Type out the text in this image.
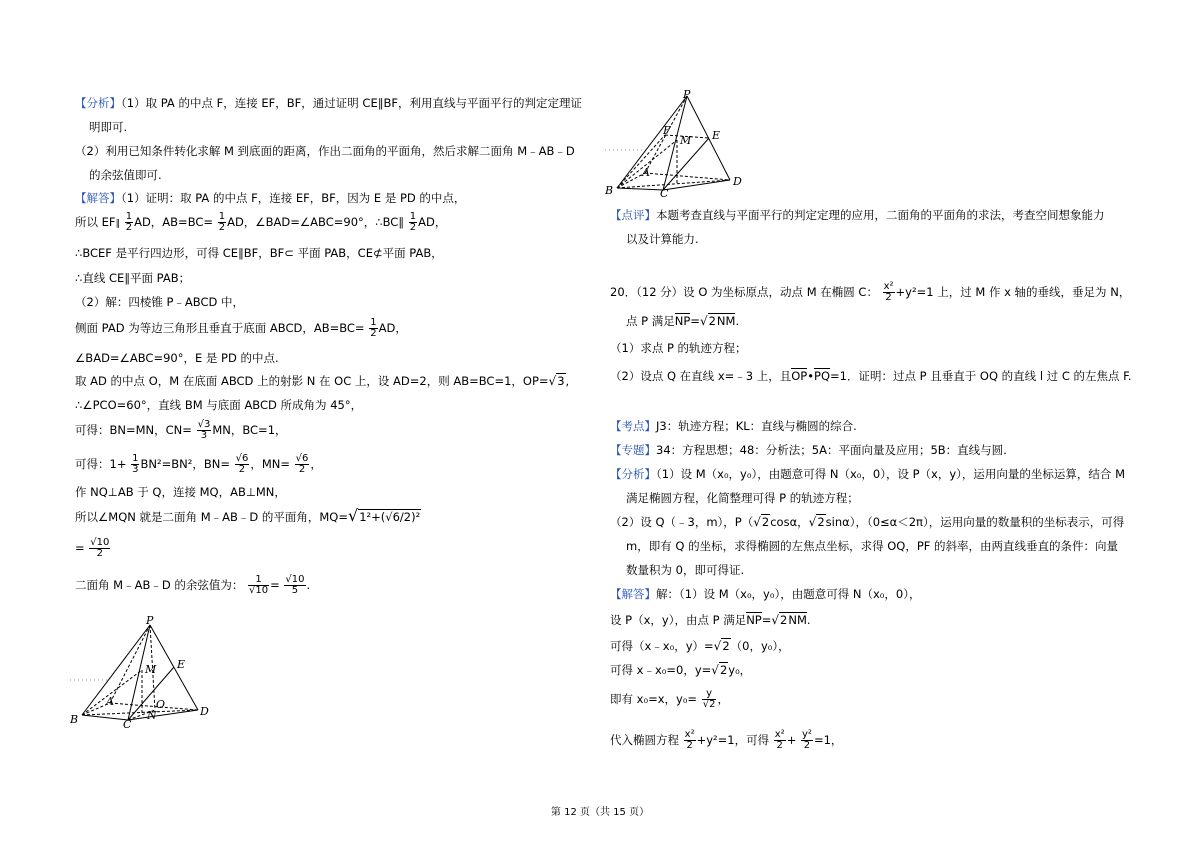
【分析】（1）取 PA 的中点 F，连接 EF，BF，通过证明 CE∥BF，利用直线与平面平行的判定定理证
明即可.
（2）利用已知条件转化求解 M 到底面的距离，作出二面角的平面角，然后求解二面角 M﹣AB﹣D
的余弦值即可.
【解答】（1）证明：取 PA 的中点 F，连接 EF，BF，因为 E 是 PD 的中点，
所以 EF∥ $\frac{1}{2}$ AD，$AB=BC= \frac{1}{2}$ AD，∠BAD=∠ABC=90°，∴BC∥ $\frac{1}{2}$ AD，
∴BCEF 是平行四边形，可得 CE∥BF，BF⊂ 平面 PAB，CE⊄平面 PAB，
∴直线 CE∥平面 PAB；
（2）解：四棱锥 P﹣ABCD 中，
侧面 PAD 为等边三角形且垂直于底面 ABCD，$AB=BC= \frac{1}{2}$ AD，
∠BAD=∠ABC=90°，E 是 PD 的中点.
取 AD 的中点 O，M 在底面 ABCD 上的射影 N 在 OC 上，设 AD=2，则 AB=BC=1，OP=√3,
∴∠PCO=60°，直线 BM 与底面 ABCD 所成角为 45°，
可得：BN=MN，$CN= \frac{√3}{3}$ MN，BC=1，
可得：$1+ \frac{1}{3} BN^2=BN^2$，$BN= \frac{√6}{2}$ ，$MN= \frac{√6}{2}$ ，
作 NQ⊥AB 于 Q，连接 MQ，AB⊥MN，
所以∠MQN 就是二面角 M﹣AB﹣D 的平面角，MQ=√1²+(√6/2)²
= $\frac{√10}{2}$
二面角 M﹣AB﹣D 的余弦值为： $\frac{1}{√10} = \frac{√10}{5}$ .
P
B	C
D
E
M
A	O
N
P
B	C
D
E
F
M
A
【点评】本题考查直线与平面平行的判定定理的应用，二面角的平面角的求法，考查空间想象能力
以及计算能力.
20．（12 分）设 O 为坐标原点，动点 M 在椭圆 C： $\frac{\text{x²}}{2} +y^2=1$ 上，过 M 作 x 轴的垂线，垂足为 N，
点 P 满足NP=√2NM.
（1）求点 P 的轨迹方程；
（2）设点 Q 在直线 x=﹣3 上，且OP•PQ=1．证明：过点 P 且垂直于 OQ 的直线 l 过 C 的左焦点 F.
【考点】J3：轨迹方程；KL：直线与椭圆的综合.
【专题】34：方程思想；48：分析法；5A：平面向量及应用；5B：直线与圆.
【分析】（1）设 M（x₀，y₀），由题意可得 N（x₀，0），设 P（x，y），运用向量的坐标运算，结合 M
满足椭圆方程，化简整理可得 P 的轨迹方程；
（2）设 Q（﹣3，m），P（√2cosα，√2sinα），（0≤α＜2π），运用向量的数量积的坐标表示，可得
m，即有 Q 的坐标，求得椭圆的左焦点坐标，求得 OQ，PF 的斜率，由两直线垂直的条件：向量
数量积为 0，即可得证.
【解答】解：（1）设 M（x₀，y₀），由题意可得 N（x₀，0），
设 P（x，y），由点 P 满足NP=√2NM.
可得（x﹣x₀，y）=√2（0，y₀），
可得 x﹣x₀=0，y=√2y₀，
即有 x₀=x，$y_0= \frac{y}{√2}$ ，
代入椭圆方程 $\frac{\text{x²}}{2} +y^2=1$，可得 $\frac{\text{x²}}{2} + \frac{\text{y²}}{2} =1$，
第 12 页（共 15 页）
